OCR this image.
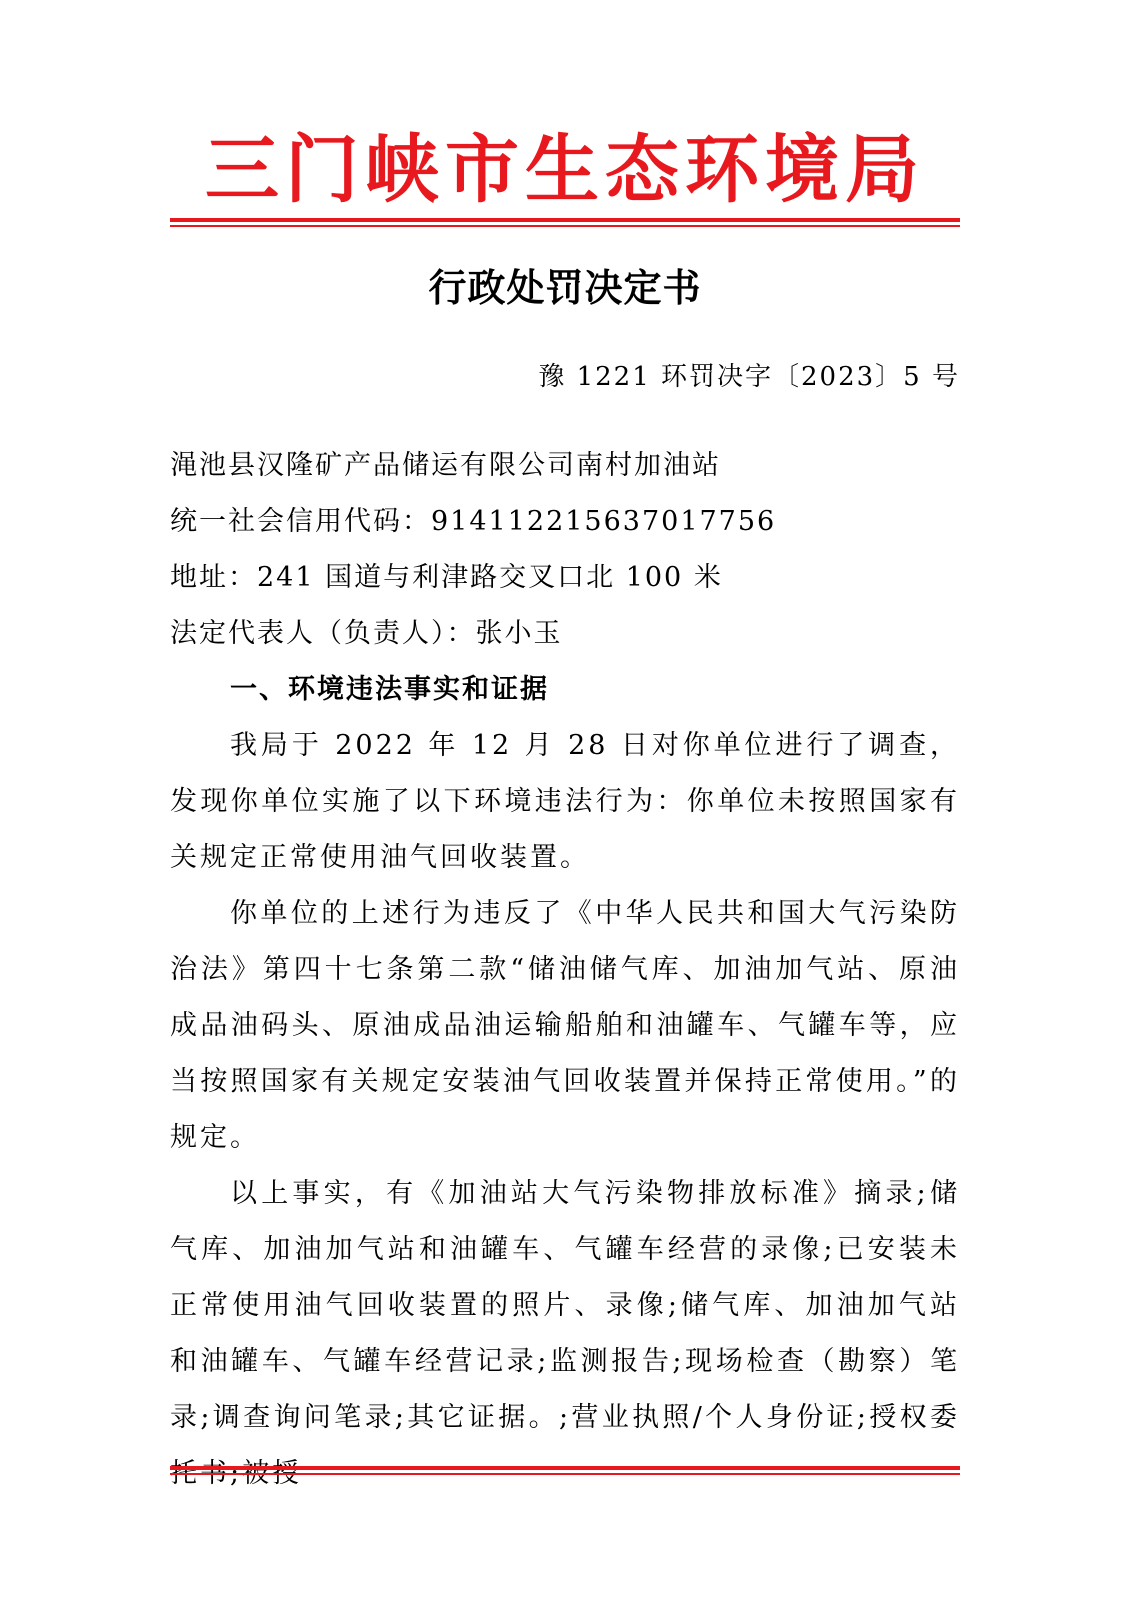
三门峡市生态环境局
行政处罚决定书
豫 1221 环罚决字〔2023〕5 号

渑池县汉隆矿产品储运有限公司南村加油站

统一社会信用代码：914112215637017756

地址：241 国道与利津路交叉口北 100 米

法定代表人（负责人）：张小玉

一、环境违法事实和证据

我局于 2022 年 12 月 28 日对你单位进行了调查，发现你单位实施了以下环境违法行为：你单位未按照国家有关规定正常使用油气回收装置。

你单位的上述行为违反了《中华人民共和国大气污染防治法》第四十七条第二款“储油储气库、加油加气站、原油成品油码头、原油成品油运输船舶和油罐车、气罐车等，应当按照国家有关规定安装油气回收装置并保持正常使用。”的规定。

以上事实，有《加油站大气污染物排放标准》摘录;储气库、加油加气站和油罐车、气罐车经营的录像;已安装未正常使用油气回收装置的照片、录像;储气库、加油加气站和油罐车、气罐车经营记录;监测报告;现场检查（勘察）笔录;调查询问笔录;其它证据。;营业执照/个人身份证;授权委
